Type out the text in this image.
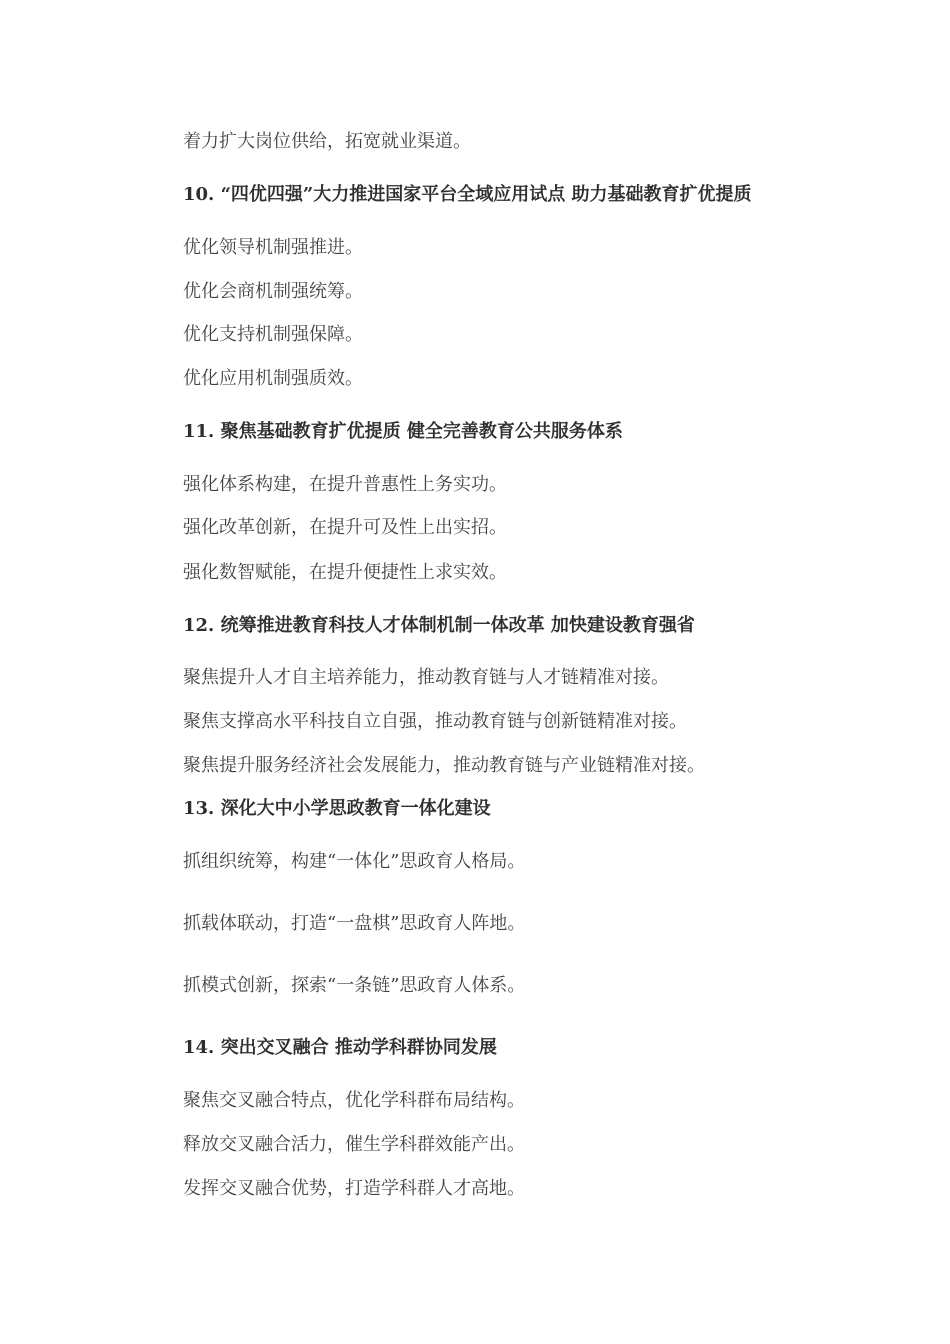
着力扩大岗位供给，拓宽就业渠道。
10. “四优四强”大力推进国家平台全域应用试点 助力基础教育扩优提质
优化领导机制强推进。
优化会商机制强统筹。
优化支持机制强保障。
优化应用机制强质效。
11. 聚焦基础教育扩优提质 健全完善教育公共服务体系
强化体系构建，在提升普惠性上务实功。
强化改革创新，在提升可及性上出实招。
强化数智赋能，在提升便捷性上求实效。
12. 统筹推进教育科技人才体制机制一体改革 加快建设教育强省
聚焦提升人才自主培养能力，推动教育链与人才链精准对接。
聚焦支撑高水平科技自立自强，推动教育链与创新链精准对接。
聚焦提升服务经济社会发展能力，推动教育链与产业链精准对接。
13. 深化大中小学思政教育一体化建设
抓组织统筹，构建“一体化”思政育人格局。
抓载体联动，打造“一盘棋”思政育人阵地。
抓模式创新，探索“一条链”思政育人体系。
14. 突出交叉融合 推动学科群协同发展
聚焦交叉融合特点，优化学科群布局结构。
释放交叉融合活力，催生学科群效能产出。
发挥交叉融合优势，打造学科群人才高地。
